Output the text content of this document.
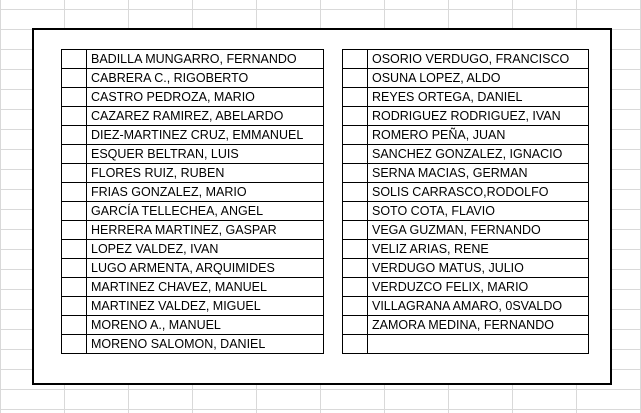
	BADILLA MUNGARRO, FERNANDO
	CABRERA C., RIGOBERTO
	CASTRO PEDROZA, MARIO
	CAZAREZ RAMIREZ, ABELARDO
	DIEZ-MARTINEZ CRUZ, EMMANUEL
	ESQUER BELTRAN, LUIS
	FLORES RUIZ, RUBEN
	FRIAS GONZALEZ, MARIO
	GARCÍA TELLECHEA, ANGEL
	HERRERA MARTINEZ, GASPAR
	LOPEZ VALDEZ, IVAN
	LUGO ARMENTA, ARQUIMIDES
	MARTINEZ CHAVEZ, MANUEL
	MARTINEZ VALDEZ, MIGUEL
	MORENO A., MANUEL
	MORENO SALOMON, DANIEL
	OSORIO VERDUGO, FRANCISCO
	OSUNA LOPEZ, ALDO
	REYES ORTEGA, DANIEL
	RODRIGUEZ RODRIGUEZ, IVAN
	ROMERO PEÑA, JUAN
	SANCHEZ GONZALEZ, IGNACIO
	SERNA MACIAS, GERMAN
	SOLIS CARRASCO,RODOLFO
	SOTO COTA, FLAVIO
	VEGA GUZMAN, FERNANDO
	VELIZ ARIAS, RENE
	VERDUGO MATUS, JULIO
	VERDUZCO FELIX, MARIO
	VILLAGRANA AMARO, 0SVALDO
	ZAMORA MEDINA, FERNANDO
